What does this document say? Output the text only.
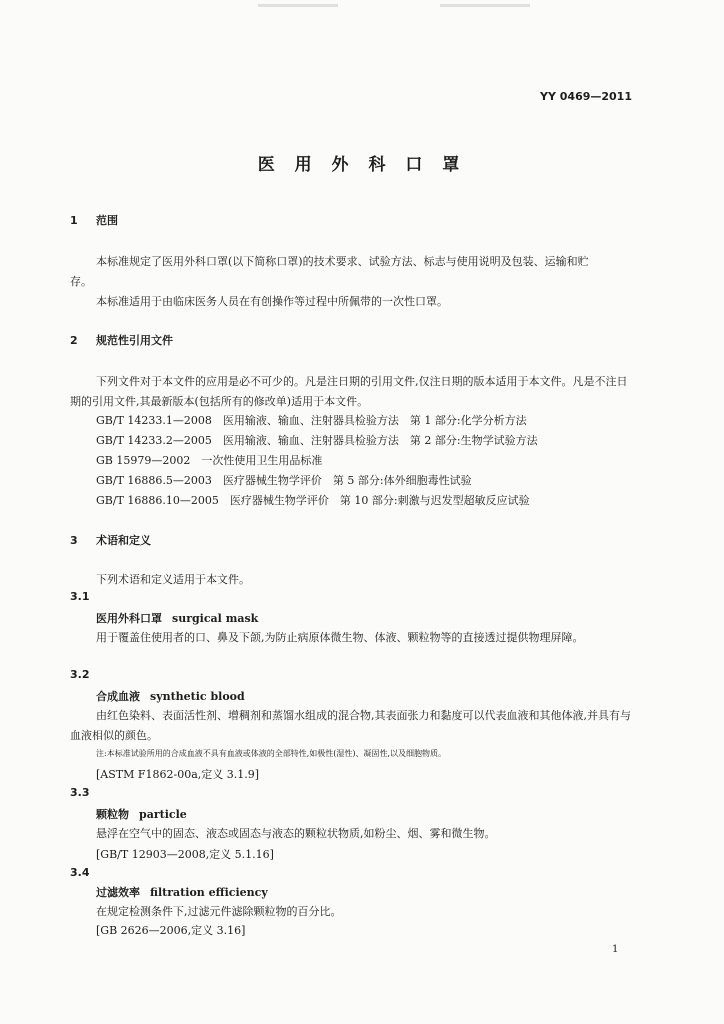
YY 0469—2011
医 用 外 科 口 罩
1 范围
本标准规定了医用外科口罩(以下简称口罩)的技术要求、试验方法、标志与使用说明及包装、运输和贮存。
本标准适用于由临床医务人员在有创操作等过程中所佩带的一次性口罩。
2 规范性引用文件
下列文件对于本文件的应用是必不可少的。凡是注日期的引用文件,仅注日期的版本适用于本文件。凡是不注日期的引用文件,其最新版本(包括所有的修改单)适用于本文件。
GB/T 14233.1—2008　医用输液、输血、注射器具检验方法　第 1 部分:化学分析方法
GB/T 14233.2—2005　医用输液、输血、注射器具检验方法　第 2 部分:生物学试验方法
GB 15979—2002　一次性使用卫生用品标准
GB/T 16886.5—2003　医疗器械生物学评价　第 5 部分:体外细胞毒性试验
GB/T 16886.10—2005　医疗器械生物学评价　第 10 部分:刺激与迟发型超敏反应试验
3 术语和定义
下列术语和定义适用于本文件。
3.1
医用外科口罩 surgical mask
用于覆盖住使用者的口、鼻及下颌,为防止病原体微生物、体液、颗粒物等的直接透过提供物理屏障。
3.2
合成血液 synthetic blood
由红色染料、表面活性剂、增稠剂和蒸馏水组成的混合物,其表面张力和黏度可以代表血液和其他体液,并具有与血液相似的颜色。
注:本标准试验所用的合成血液不具有血液或体液的全部特性,如极性(湿性)、凝固性,以及细胞物质。
[ASTM F1862-00a,定义 3.1.9]
3.3
颗粒物 particle
悬浮在空气中的固态、液态或固态与液态的颗粒状物质,如粉尘、烟、雾和微生物。
[GB/T 12903—2008,定义 5.1.16]
3.4
过滤效率 filtration efficiency
在规定检测条件下,过滤元件滤除颗粒物的百分比。
[GB 2626—2006,定义 3.16]
1
